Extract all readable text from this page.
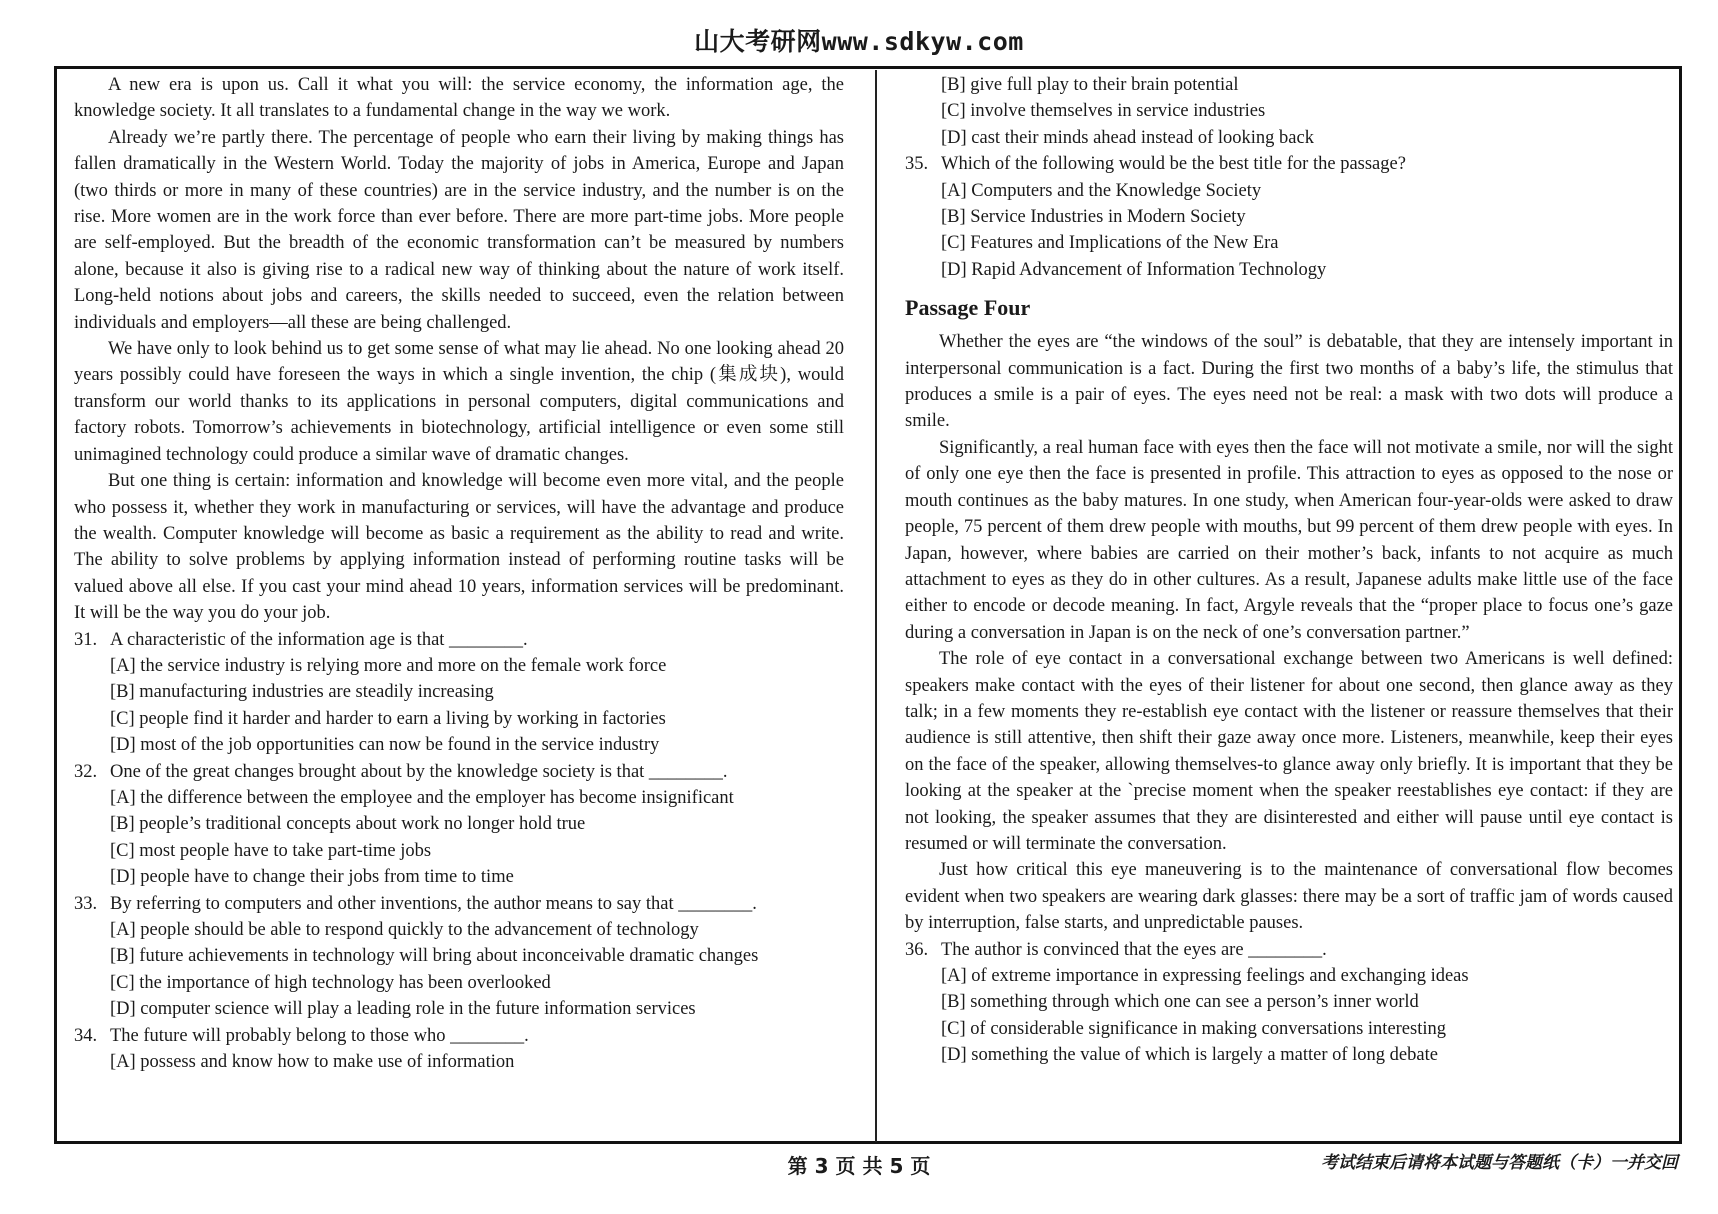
山大考研网www.sdkyw.com

A new era is upon us. Call it what you will: the service economy, the information age, the knowledge society. It all translates to a fundamental change in the way we work.

Already we’re partly there. The percentage of people who earn their living by making things has fallen dramatically in the Western World. Today the majority of jobs in America, Europe and Japan (two thirds or more in many of these countries) are in the service industry, and the number is on the rise. More women are in the work force than ever before. There are more part-time jobs. More people are self-employed. But the breadth of the economic transformation can’t be measured by numbers alone, because it also is giving rise to a radical new way of thinking about the nature of work itself. Long-held notions about jobs and careers, the skills needed to succeed, even the relation between individuals and employers—all these are being challenged.

We have only to look behind us to get some sense of what may lie ahead. No one looking ahead 20 years possibly could have foreseen the ways in which a single invention, the chip (集成块), would transform our world thanks to its applications in personal computers, digital communications and factory robots. Tomorrow’s achievements in biotechnology, artificial intelligence or even some still unimagined technology could produce a similar wave of dramatic changes.

But one thing is certain: information and knowledge will become even more vital, and the people who possess it, whether they work in manufacturing or services, will have the advantage and produce the wealth. Computer knowledge will become as basic a requirement as the ability to read and write. The ability to solve problems by applying information instead of performing routine tasks will be valued above all else. If you cast your mind ahead 10 years, information services will be predominant. It will be the way you do your job.

31. A characteristic of the information age is that ________.

[A] the service industry is relying more and more on the female work force

[B] manufacturing industries are steadily increasing

[C] people find it harder and harder to earn a living by working in factories

[D] most of the job opportunities can now be found in the service industry

32. One of the great changes brought about by the knowledge society is that ________.

[A] the difference between the employee and the employer has become insignificant

[B] people’s traditional concepts about work no longer hold true

[C] most people have to take part-time jobs

[D] people have to change their jobs from time to time

33. By referring to computers and other inventions, the author means to say that ________.

[A] people should be able to respond quickly to the advancement of technology

[B] future achievements in technology will bring about inconceivable dramatic changes

[C] the importance of high technology has been overlooked

[D] computer science will play a leading role in the future information services

34. The future will probably belong to those who ________.

[A] possess and know how to make use of information

[B] give full play to their brain potential

[C] involve themselves in service industries

[D] cast their minds ahead instead of looking back

35. Which of the following would be the best title for the passage?

[A] Computers and the Knowledge Society

[B] Service Industries in Modern Society

[C] Features and Implications of the New Era

[D] Rapid Advancement of Information Technology

Passage Four

Whether the eyes are “the windows of the soul” is debatable, that they are intensely important in interpersonal communication is a fact. During the first two months of a baby’s life, the stimulus that produces a smile is a pair of eyes. The eyes need not be real: a mask with two dots will produce a smile.

Significantly, a real human face with eyes then the face will not motivate a smile, nor will the sight of only one eye then the face is presented in profile. This attraction to eyes as opposed to the nose or mouth continues as the baby matures. In one study, when American four-year-olds were asked to draw people, 75 percent of them drew people with mouths, but 99 percent of them drew people with eyes. In Japan, however, where babies are carried on their mother’s back, infants to not acquire as much attachment to eyes as they do in other cultures. As a result, Japanese adults make little use of the face either to encode or decode meaning. In fact, Argyle reveals that the “proper place to focus one’s gaze during a conversation in Japan is on the neck of one’s conversation partner.”

The role of eye contact in a conversational exchange between two Americans is well defined: speakers make contact with the eyes of their listener for about one second, then glance away as they talk; in a few moments they re-establish eye contact with the listener or reassure themselves that their audience is still attentive, then shift their gaze away once more. Listeners, meanwhile, keep their eyes on the face of the speaker, allowing themselves-to glance away only briefly. It is important that they be looking at the speaker at the `precise moment when the speaker reestablishes eye contact: if they are not looking, the speaker assumes that they are disinterested and either will pause until eye contact is resumed or will terminate the conversation.

Just how critical this eye maneuvering is to the maintenance of conversational flow becomes evident when two speakers are wearing dark glasses: there may be a sort of traffic jam of words caused by interruption, false starts, and unpredictable pauses.

36. The author is convinced that the eyes are ________.

[A] of extreme importance in expressing feelings and exchanging ideas

[B] something through which one can see a person’s inner world

[C] of considerable significance in making conversations interesting

[D] something the value of which is largely a matter of long debate

第 3 页 共 5 页	考试结束后请将本试题与答题纸（卡）一并交回
